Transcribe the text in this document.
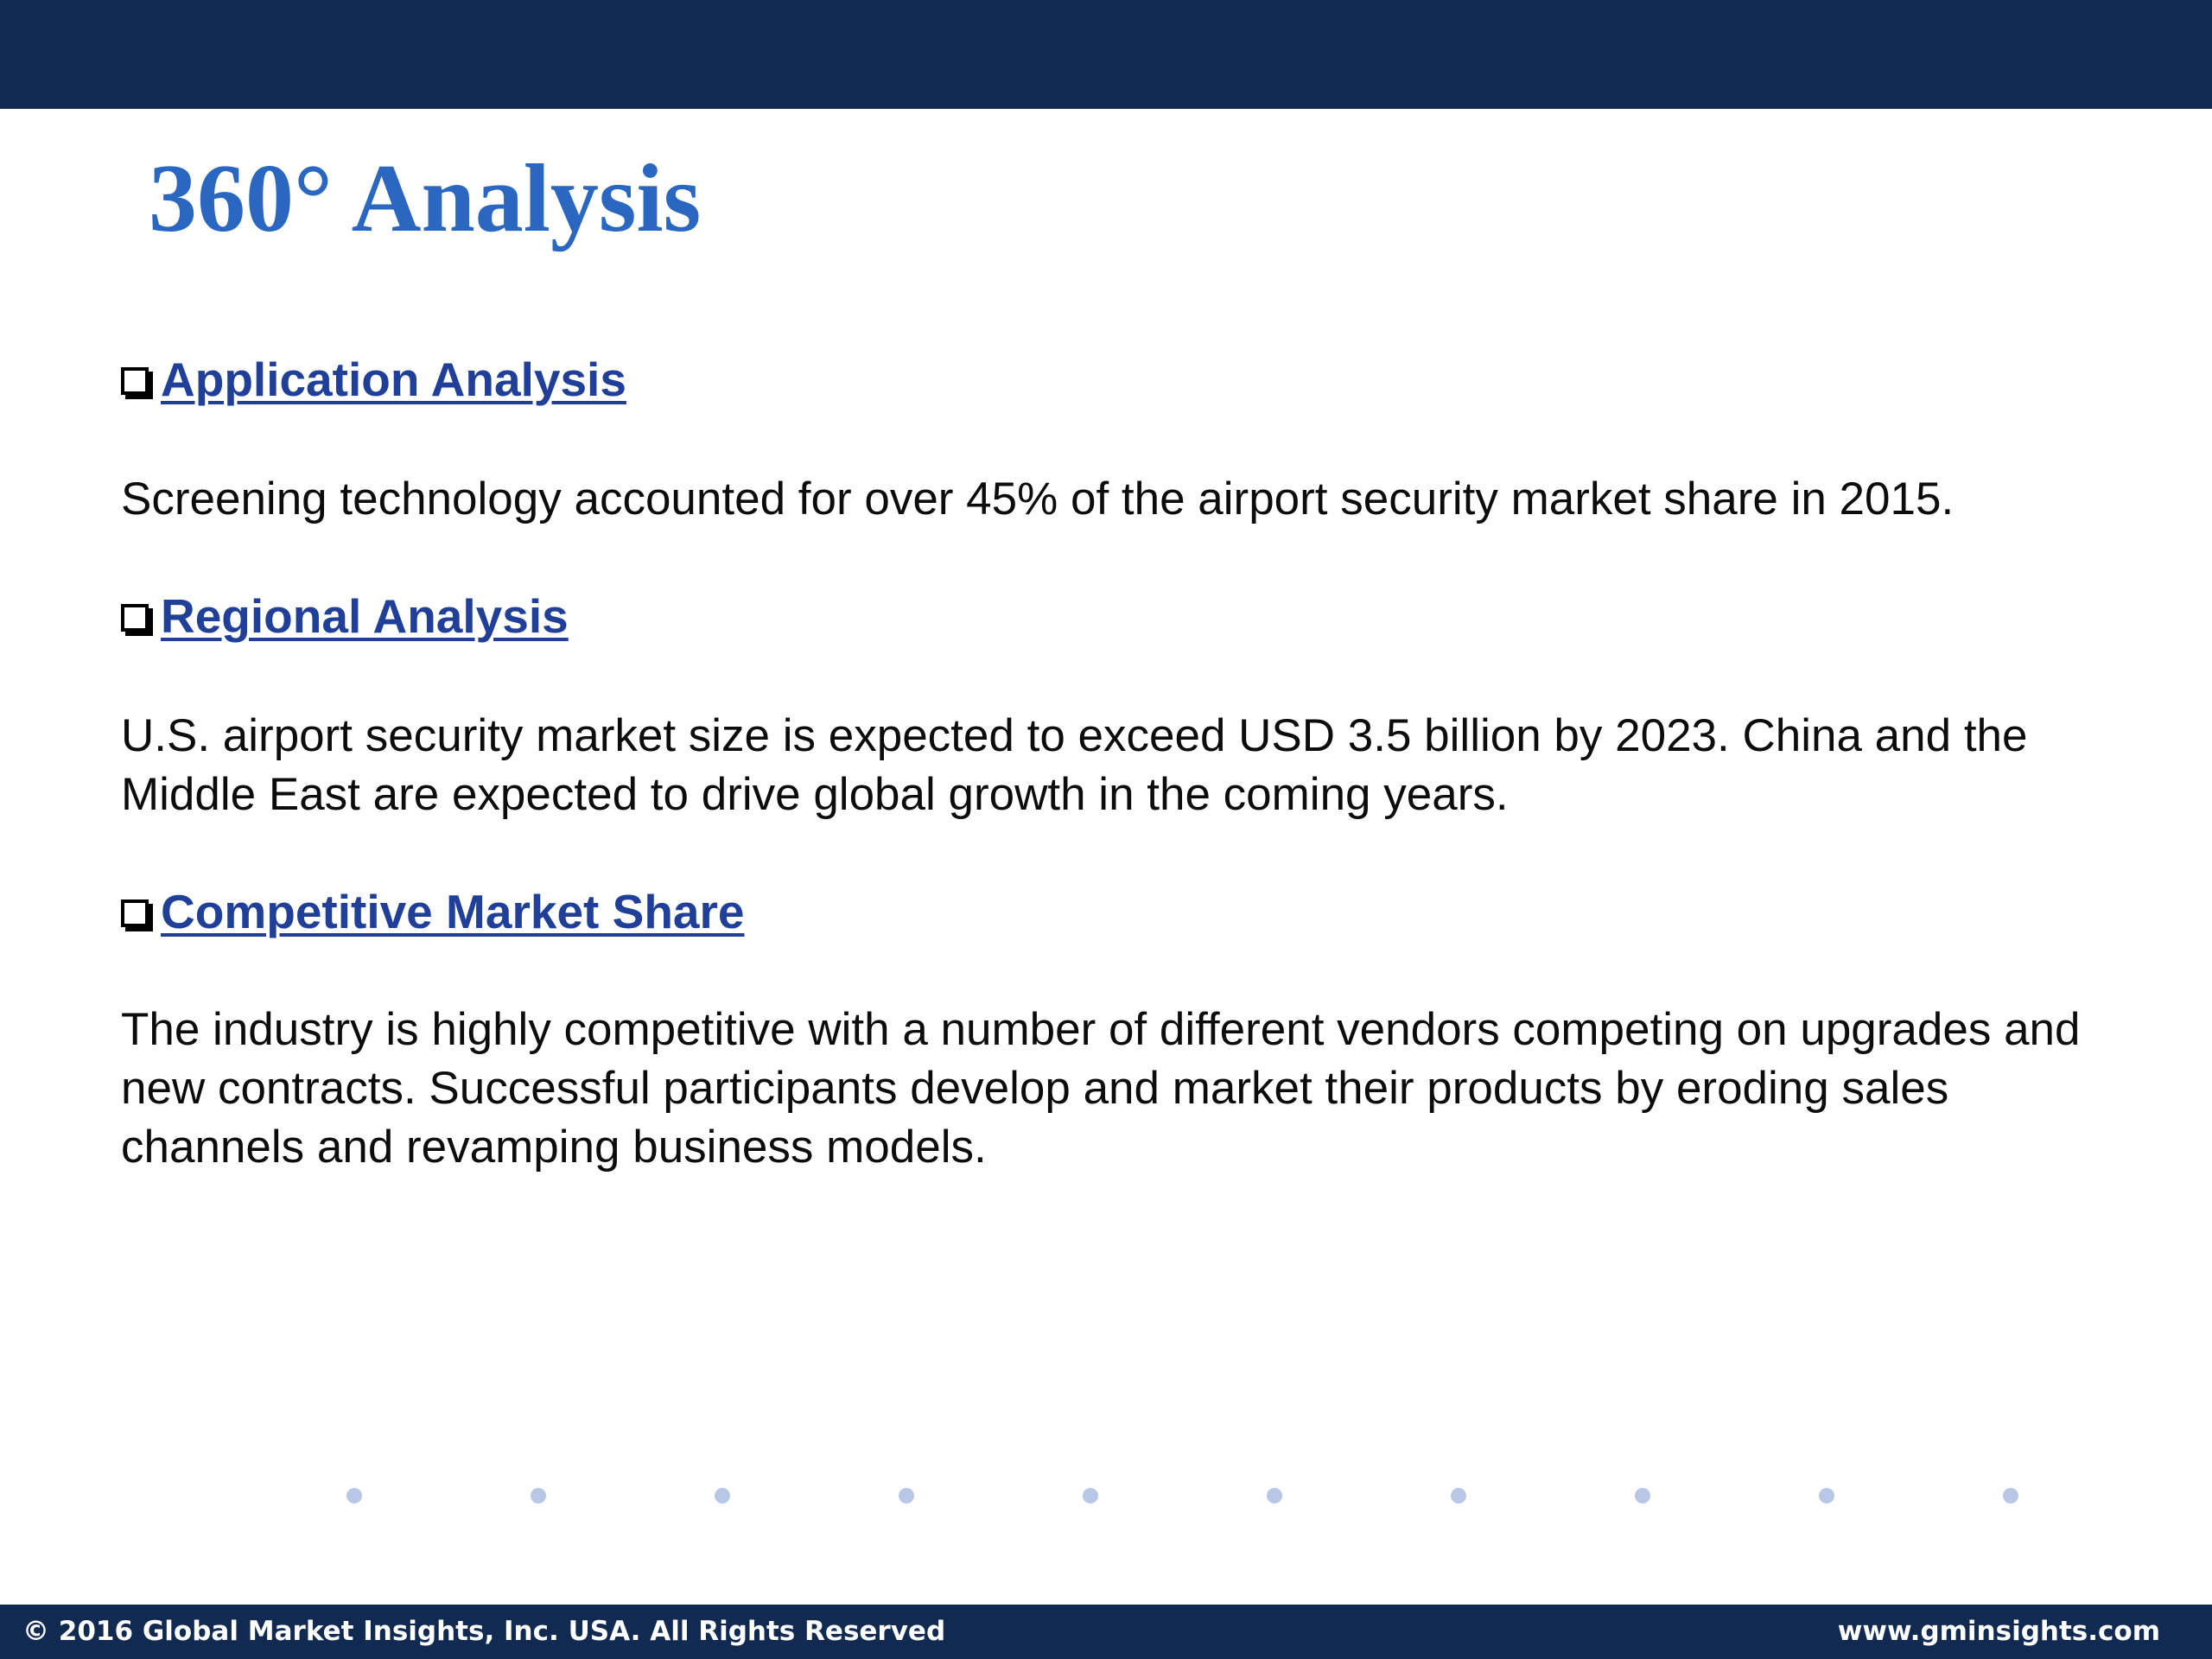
360° Analysis
Application Analysis

Screening technology accounted for over 45% of the airport security market share in 2015.

Regional Analysis

U.S. airport security market size is expected to exceed USD 3.5 billion by 2023. China and the Middle East are expected to drive global growth in the coming years.

Competitive Market Share

The industry is highly competitive with a number of different vendors competing on upgrades and new contracts. Successful participants develop and market their products by eroding sales channels and revamping business models.

© 2016 Global Market Insights, Inc. USA. All Rights Reserved	www.gminsights.com
